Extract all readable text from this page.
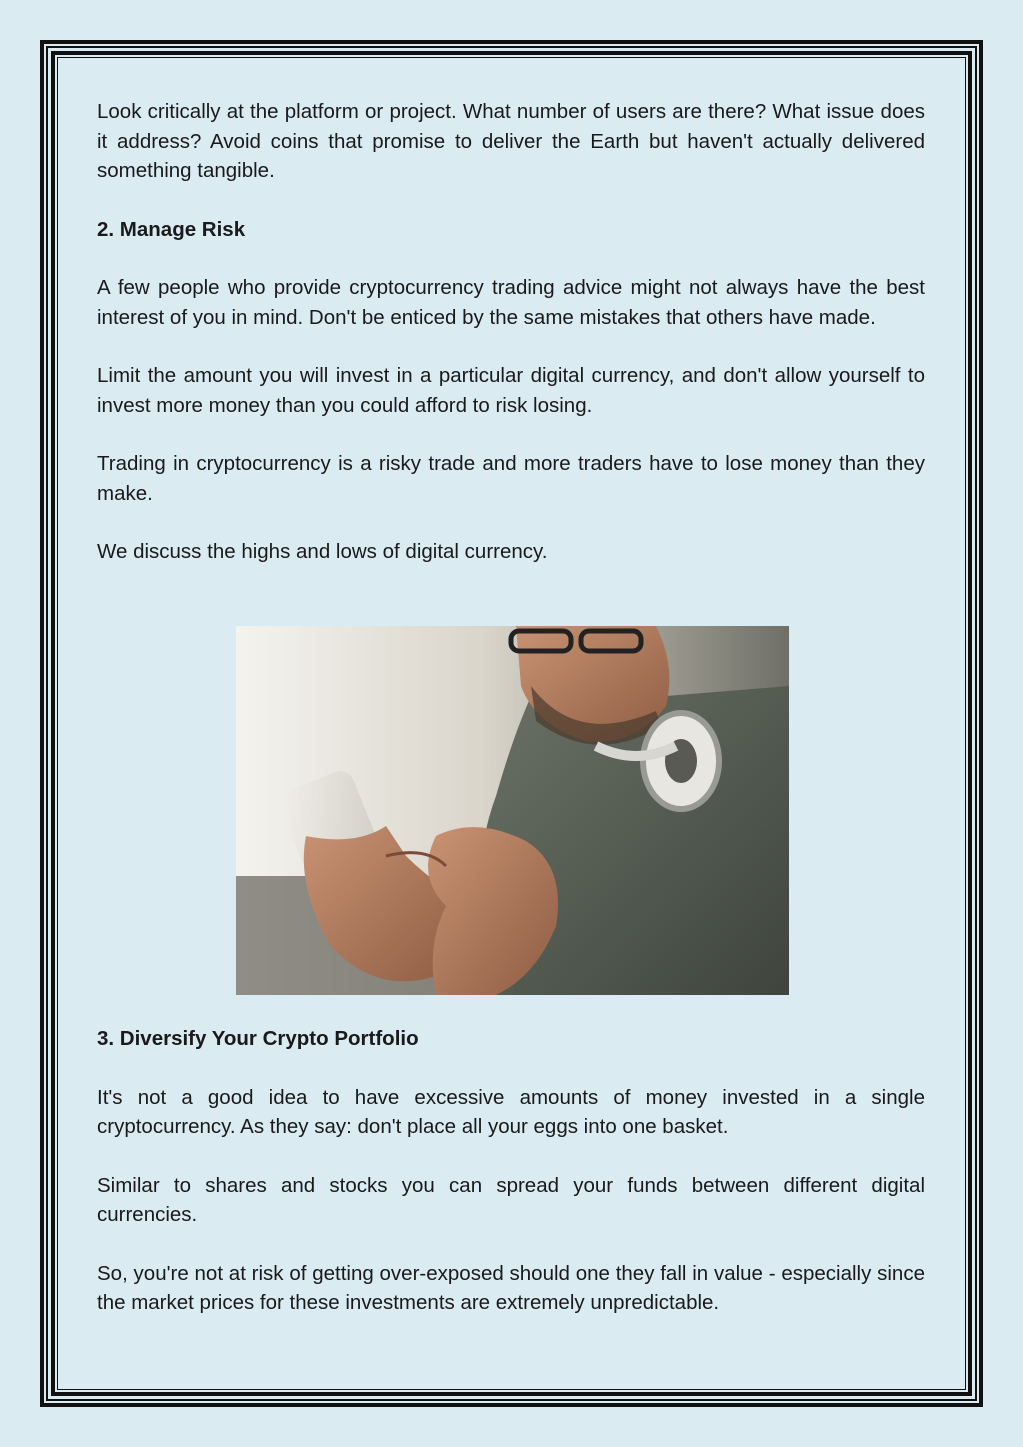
Look critically at the platform or project. What number of users are there? What issue does it address? Avoid coins that promise to deliver the Earth but haven't actually delivered something tangible.

2. Manage Risk

A few people who provide cryptocurrency trading advice might not always have the best interest of you in mind. Don't be enticed by the same mistakes that others have made.

Limit the amount you will invest in a particular digital currency, and don't allow yourself to invest more money than you could afford to risk losing.

Trading in cryptocurrency is a risky trade and more traders have to lose money than they make.

We discuss the highs and lows of digital currency.

3. Diversify Your Crypto Portfolio

It's not a good idea to have excessive amounts of money invested in a single cryptocurrency. As they say: don't place all your eggs into one basket.

Similar to shares and stocks you can spread your funds between different digital currencies.

So, you're not at risk of getting over-exposed should one they fall in value - especially since the market prices for these investments are extremely unpredictable.
